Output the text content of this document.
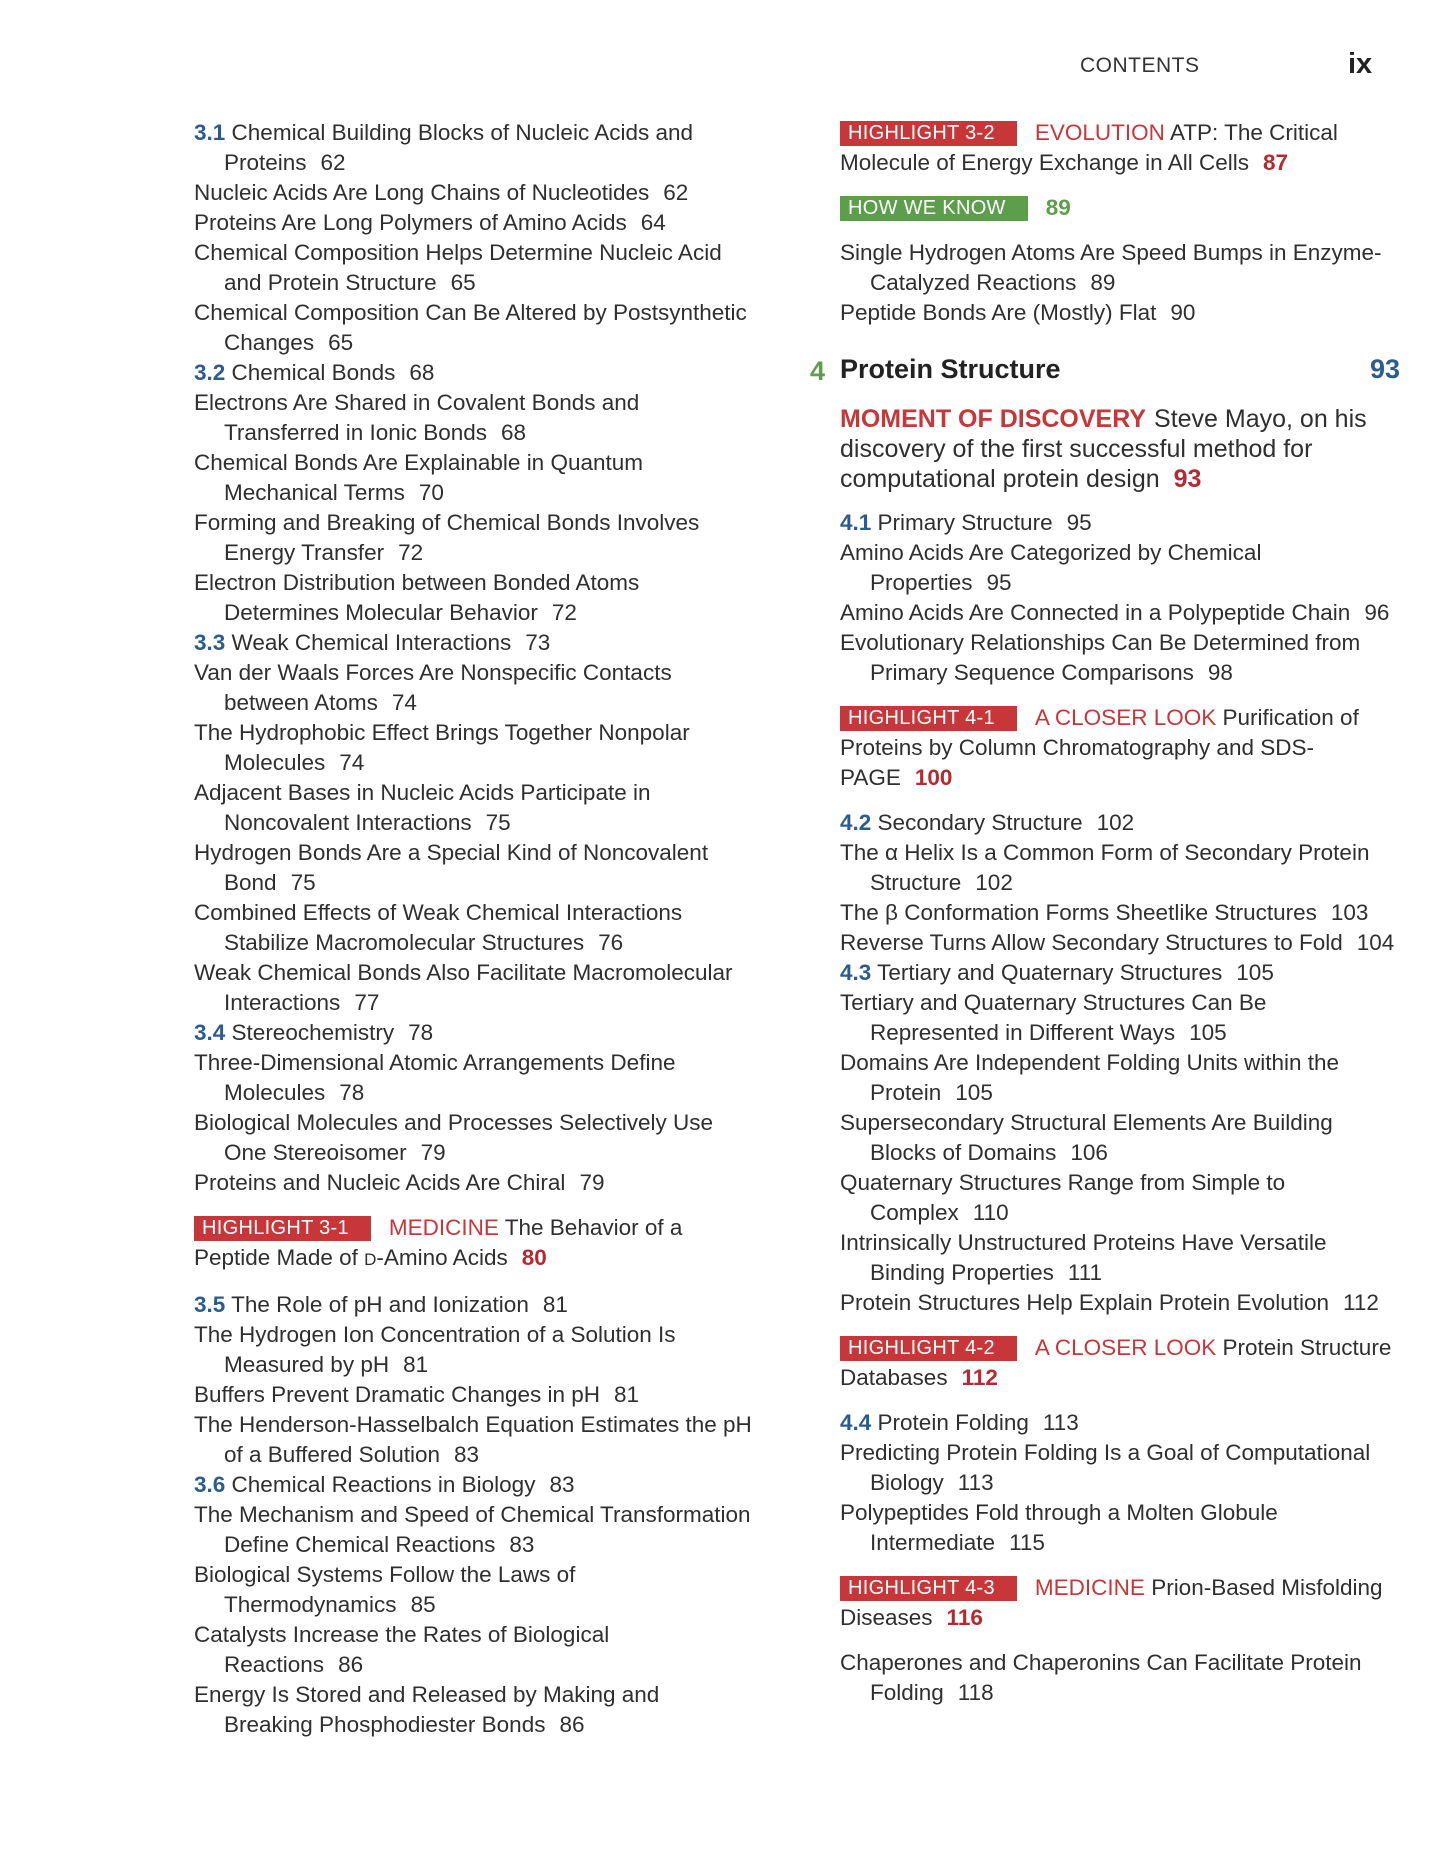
CONTENTS	ix
3.1 Chemical Building Blocks of Nucleic Acids and Proteins 62
Nucleic Acids Are Long Chains of Nucleotides 62
Proteins Are Long Polymers of Amino Acids 64
Chemical Composition Helps Determine Nucleic Acid and Protein Structure 65
Chemical Composition Can Be Altered by Postsynthetic Changes 65
3.2 Chemical Bonds 68
Electrons Are Shared in Covalent Bonds and Transferred in Ionic Bonds 68
Chemical Bonds Are Explainable in Quantum Mechanical Terms 70
Forming and Breaking of Chemical Bonds Involves Energy Transfer 72
Electron Distribution between Bonded Atoms Determines Molecular Behavior 72
3.3 Weak Chemical Interactions 73
Van der Waals Forces Are Nonspecific Contacts between Atoms 74
The Hydrophobic Effect Brings Together Nonpolar Molecules 74
Adjacent Bases in Nucleic Acids Participate in Noncovalent Interactions 75
Hydrogen Bonds Are a Special Kind of Noncovalent Bond 75
Combined Effects of Weak Chemical Interactions Stabilize Macromolecular Structures 76
Weak Chemical Bonds Also Facilitate Macromolecular Interactions 77
3.4 Stereochemistry 78
Three-Dimensional Atomic Arrangements Define Molecules 78
Biological Molecules and Processes Selectively Use One Stereoisomer 79
Proteins and Nucleic Acids Are Chiral 79
HIGHLIGHT 3-1 MEDICINE The Behavior of a Peptide Made of D-Amino Acids 80
3.5 The Role of pH and Ionization 81
The Hydrogen Ion Concentration of a Solution Is Measured by pH 81
Buffers Prevent Dramatic Changes in pH 81
The Henderson-Hasselbalch Equation Estimates the pH of a Buffered Solution 83
3.6 Chemical Reactions in Biology 83
The Mechanism and Speed of Chemical Transformation Define Chemical Reactions 83
Biological Systems Follow the Laws of Thermodynamics 85
Catalysts Increase the Rates of Biological Reactions 86
Energy Is Stored and Released by Making and Breaking Phosphodiester Bonds 86
HIGHLIGHT 3-2 EVOLUTION ATP: The Critical Molecule of Energy Exchange in All Cells 87
HOW WE KNOW 89
Single Hydrogen Atoms Are Speed Bumps in Enzyme-Catalyzed Reactions 89
Peptide Bonds Are (Mostly) Flat 90
4 Protein Structure	93
MOMENT OF DISCOVERY Steve Mayo, on his discovery of the first successful method for computational protein design 93
4.1 Primary Structure 95
Amino Acids Are Categorized by Chemical Properties 95
Amino Acids Are Connected in a Polypeptide Chain 96
Evolutionary Relationships Can Be Determined from Primary Sequence Comparisons 98
HIGHLIGHT 4-1 A CLOSER LOOK Purification of Proteins by Column Chromatography and SDS-PAGE 100
4.2 Secondary Structure 102
The α Helix Is a Common Form of Secondary Protein Structure 102
The β Conformation Forms Sheetlike Structures 103
Reverse Turns Allow Secondary Structures to Fold 104
4.3 Tertiary and Quaternary Structures 105
Tertiary and Quaternary Structures Can Be Represented in Different Ways 105
Domains Are Independent Folding Units within the Protein 105
Supersecondary Structural Elements Are Building Blocks of Domains 106
Quaternary Structures Range from Simple to Complex 110
Intrinsically Unstructured Proteins Have Versatile Binding Properties 111
Protein Structures Help Explain Protein Evolution 112
HIGHLIGHT 4-2 A CLOSER LOOK Protein Structure Databases 112
4.4 Protein Folding 113
Predicting Protein Folding Is a Goal of Computational Biology 113
Polypeptides Fold through a Molten Globule Intermediate 115
HIGHLIGHT 4-3 MEDICINE Prion-Based Misfolding Diseases 116
Chaperones and Chaperonins Can Facilitate Protein Folding 118
